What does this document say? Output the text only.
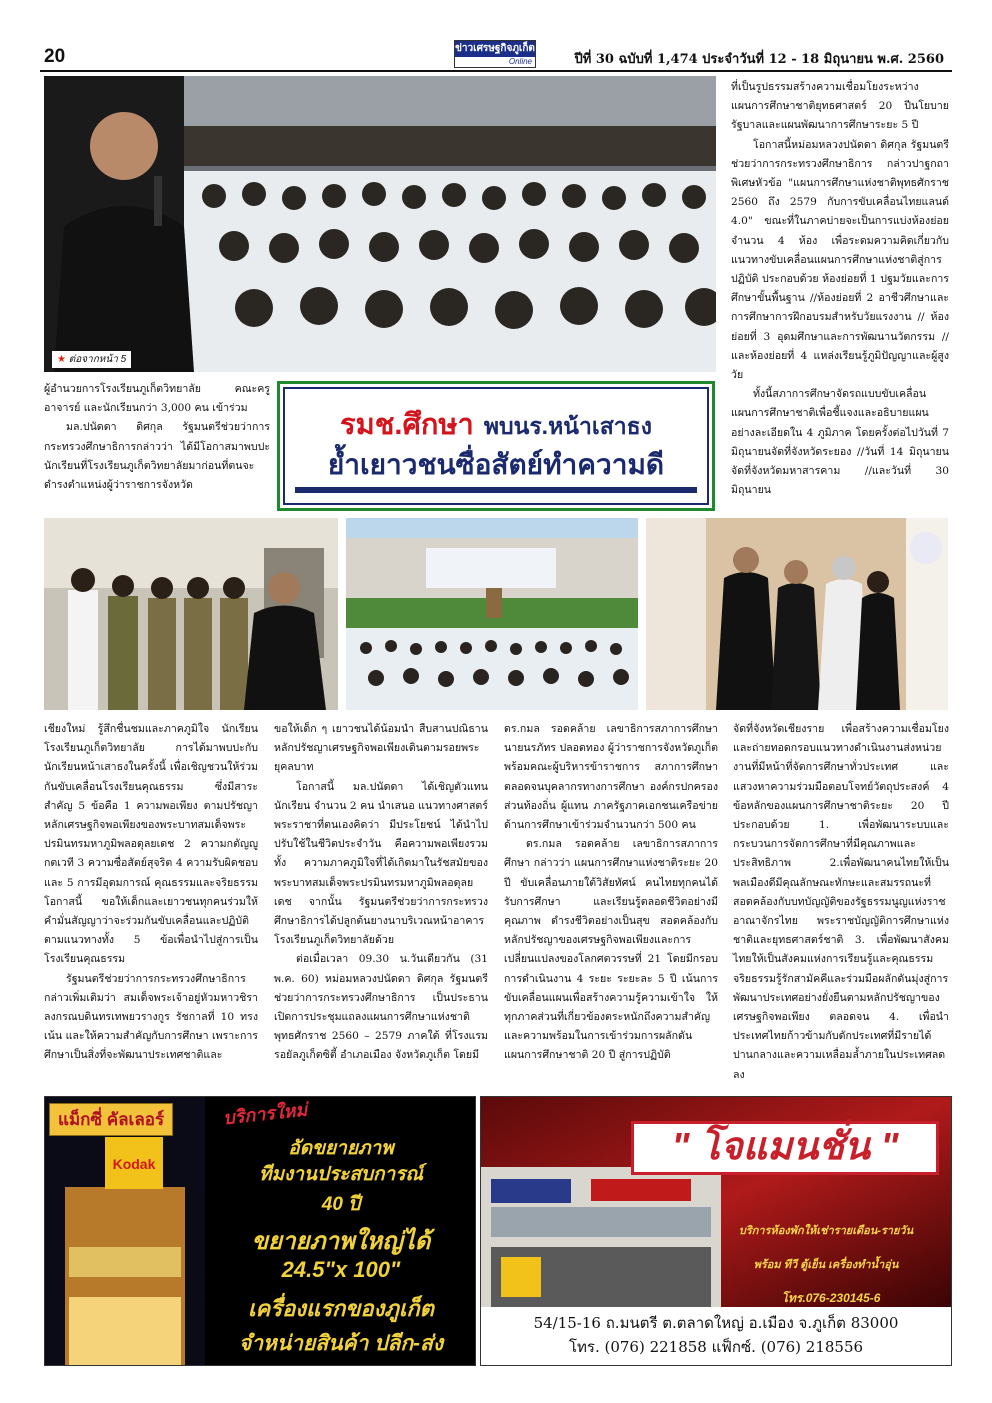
20	ข่าวเศรษฐกิจภูเก็ต
Online	ปีที่ 30 ฉบับที่ 1,474 ประจำวันที่ 12 - 18 มิถุนายน พ.ศ. 2560
★ ต่อจากหน้า 5

ที่เป็นรูปธรรมสร้างความเชื่อมโยงระหว่างแผนการศึกษาชาติยุทธศาสตร์ 20 ปีนโยบายรัฐบาลและแผนพัฒนาการศึกษาระยะ 5 ปี

โอกาสนี้หม่อมหลวงปนัดดา ดิศกุล รัฐมนตรีช่วยว่าการกระทรวงศึกษาธิการ กล่าวปาฐกถาพิเศษหัวข้อ "แผนการศึกษาแห่งชาติพุทธศักราช 2560 ถึง 2579 กับการขับเคลื่อนไทยแลนด์ 4.0" ขณะที่ในภาคบ่ายจะเป็นการแบ่งห้องย่อยจำนวน 4 ห้อง เพื่อระดมความคิดเกี่ยวกับแนวทางขับเคลื่อนแผนการศึกษาแห่งชาติสู่การปฏิบัติ ประกอบด้วย ห้องย่อยที่ 1 ปฐมวัยและการศึกษาขั้นพื้นฐาน //ห้องย่อยที่ 2 อาชีวศึกษาและการศึกษาการฝึกอบรมสำหรับวัยแรงงาน // ห้องย่อยที่ 3 อุดมศึกษาและการพัฒนานวัตกรรม //และห้องย่อยที่ 4 แหล่งเรียนรู้ภูมิปัญญาและผู้สูงวัย

ทั้งนี้สภาการศึกษาจัดรถแบบขับเคลื่อนแผนการศึกษาชาติเพื่อชี้แจงและอธิบายแผนอย่างละเอียดใน 4 ภูมิภาค โดยครั้งต่อไปวันที่ 7 มิถุนายนจัดที่จังหวัดระยอง //วันที่ 14 มิถุนายนจัดที่จังหวัดมหาสารคาม //และวันที่ 30 มิถุนายน

ผู้อำนวยการโรงเรียนภูเก็ตวิทยาลัย คณะครูอาจารย์ และนักเรียนกว่า 3,000 คน เข้าร่วม

มล.ปนัดดา ดิศกุล รัฐมนตรีช่วยว่าการกระทรวงศึกษาธิการกล่าวว่า ได้มีโอกาสมาพบปะนักเรียนที่โรงเรียนภูเก็ตวิทยาลัยมาก่อนที่ตนจะดำรงตำแหน่งผู้ว่าราชการจังหวัด

รมช.ศึกษา พบนร.หน้าเสาธง
ย้ำเยาวชนซื่อสัตย์ทำความดี

เชียงใหม่ รู้สึกชื่นชมและภาคภูมิใจ นักเรียนโรงเรียนภูเก็ตวิทยาลัย การได้มาพบปะกับนักเรียนหน้าเสาธงในครั้งนี้ เพื่อเชิญชวนให้ร่วมกันขับเคลื่อนโรงเรียนคุณธรรม ซึ่งมีสาระสำคัญ 5 ข้อคือ 1 ความพอเพียง ตามปรัชญาหลักเศรษฐกิจพอเพียงของพระบาทสมเด็จพระปรมินทรมหาภูมิพลอดุลยเดช 2 ความกตัญญูกตเวที 3 ความซื่อสัตย์สุจริต 4 ความรับผิดชอบ และ 5 การมีอุดมการณ์ คุณธรรมและจริยธรรม โอกาสนี้ ขอให้เด็กและเยาวชนทุกคนร่วมให้คำมั่นสัญญาว่าจะร่วมกันขับเคลื่อนและปฏิบัติตามแนวทางทั้ง 5 ข้อเพื่อนำไปสู่การเป็นโรงเรียนคุณธรรม

รัฐมนตรีช่วยว่าการกระทรวงศึกษาธิการกล่าวเพิ่มเติมว่า สมเด็จพระเจ้าอยู่หัวมหาวชิราลงกรณบดินทรเทพยวรางกูร รัชกาลที่ 10 ทรงเน้น และให้ความสำคัญกับการศึกษา เพราะการศึกษาเป็นสิ่งที่จะพัฒนาประเทศชาติและ

ขอให้เด็ก ๆ เยาวชนได้น้อมนำ สืบสานปณิธานหลักปรัชญาเศรษฐกิจพอเพียงเดินตามรอยพระยุคลบาท

โอกาสนี้ มล.ปนัดดา ได้เชิญตัวแทนนักเรียน จำนวน 2 คน นำเสนอ แนวทางศาสตร์พระราชาที่ตนเองคิดว่า มีประโยชน์ ได้นำไปปรับใช้ในชีวิตประจำวัน คือความพอเพียงรวมทั้ง ความภาคภูมิใจที่ได้เกิดมาในรัชสมัยของพระบาทสมเด็จพระปรมินทรมหาภูมิพลอดุลยเดช จากนั้น รัฐมนตรีช่วยว่าการกระทรวงศึกษาธิการได้ปลูกต้นยางนาบริเวณหน้าอาคารโรงเรียนภูเก็ตวิทยาลัยด้วย

ต่อเมื่อเวลา 09.30 น.วันเดียวกัน (31 พ.ค. 60) หม่อมหลวงปนัดดา ดิศกุล รัฐมนตรีช่วยว่าการกระทรวงศึกษาธิการ เป็นประธานเปิดการประชุมแถลงแผนการศึกษาแห่งชาติพุทธศักราช 2560 – 2579 ภาคใต้ ที่โรงแรมรอยัลภูเก็ตซิตี้ อำเภอเมือง จังหวัดภูเก็ต โดยมี

ดร.กมล รอดคล้าย เลขาธิการสภาการศึกษานายนรภัทร ปลอดทอง ผู้ว่าราชการจังหวัดภูเก็ต พร้อมคณะผู้บริหารข้าราชการ สภาการศึกษา ตลอดจนบุคลากรทางการศึกษา องค์กรปกครองส่วนท้องถิ่น ผู้แทน ภาครัฐภาคเอกชนเครือข่ายด้านการศึกษาเข้าร่วมจำนวนกว่า 500 คน

ดร.กมล รอดคล้าย เลขาธิการสภาการศึกษา กล่าวว่า แผนการศึกษาแห่งชาติระยะ 20 ปี ขับเคลื่อนภายใต้วิสัยทัศน์ คนไทยทุกคนได้รับการศึกษา และเรียนรู้ตลอดชีวิตอย่างมีคุณภาพ ดำรงชีวิตอย่างเป็นสุข สอดคล้องกับหลักปรัชญาของเศรษฐกิจพอเพียงและการเปลี่ยนแปลงของโลกศตวรรษที่ 21 โดยมีกรอบการดำเนินงาน 4 ระยะ ระยะละ 5 ปี เน้นการขับเคลื่อนแผนเพื่อสร้างความรู้ความเข้าใจ ให้ทุกภาคส่วนที่เกี่ยวข้องตระหนักถึงความสำคัญ และความพร้อมในการเข้าร่วมการผลักดันแผนการศึกษาชาติ 20 ปี สู่การปฏิบัติ

จัดที่จังหวัดเชียงราย เพื่อสร้างความเชื่อมโยงและถ่ายทอดกรอบแนวทางดำเนินงานส่งหน่วยงานที่มีหน้าที่จัดการศึกษาทั่วประเทศ และแสวงหาความร่วมมือตอบโจทย์วัตถุประสงค์ 4 ข้อหลักของแผนการศึกษาชาติระยะ 20 ปี ประกอบด้วย 1. เพื่อพัฒนาระบบและกระบวนการจัดการศึกษาที่มีคุณภาพและประสิทธิภาพ 2.เพื่อพัฒนาคนไทยให้เป็นพลเมืองดีมีคุณลักษณะทักษะและสมรรถนะที่สอดคล้องกับบทบัญญัติของรัฐธรรมนูญแห่งราชอาณาจักรไทย พระราชบัญญัติการศึกษาแห่งชาติและยุทธศาสตร์ชาติ 3. เพื่อพัฒนาสังคมไทยให้เป็นสังคมแห่งการเรียนรู้และคุณธรรมจริยธรรมรู้รักสามัคคีและร่วมมือผลักดันมุ่งสู่การพัฒนาประเทศอย่างยั่งยืนตามหลักปรัชญาของเศรษฐกิจพอเพียง ตลอดจน 4. เพื่อนำประเทศไทยก้าวข้ามกับดักประเทศที่มีรายได้ปานกลางและความเหลื่อมล้ำภายในประเทศลดลง

Kodak
แม็กซี่ คัลเลอร์	บริการใหม่
อัดขยายภาพ
ทีมงานประสบการณ์
40 ปี
ขยายภาพใหญ่ได้
24.5"x 100"
เครื่องแรกของภูเก็ต
จำหน่ายสินค้า ปลีก-ส่ง
" โจแมนชั่น "
บริการห้องพักให้เช่ารายเดือน-รายวัน
พร้อม ทีวี ตู้เย็น เครื่องทำน้ำอุ่น
โทร.076-230145-6
54/15-16 ถ.มนตรี ต.ตลาดใหญ่ อ.เมือง จ.ภูเก็ต 83000
โทร. (076) 221858 แฟ็กซ์. (076) 218556
